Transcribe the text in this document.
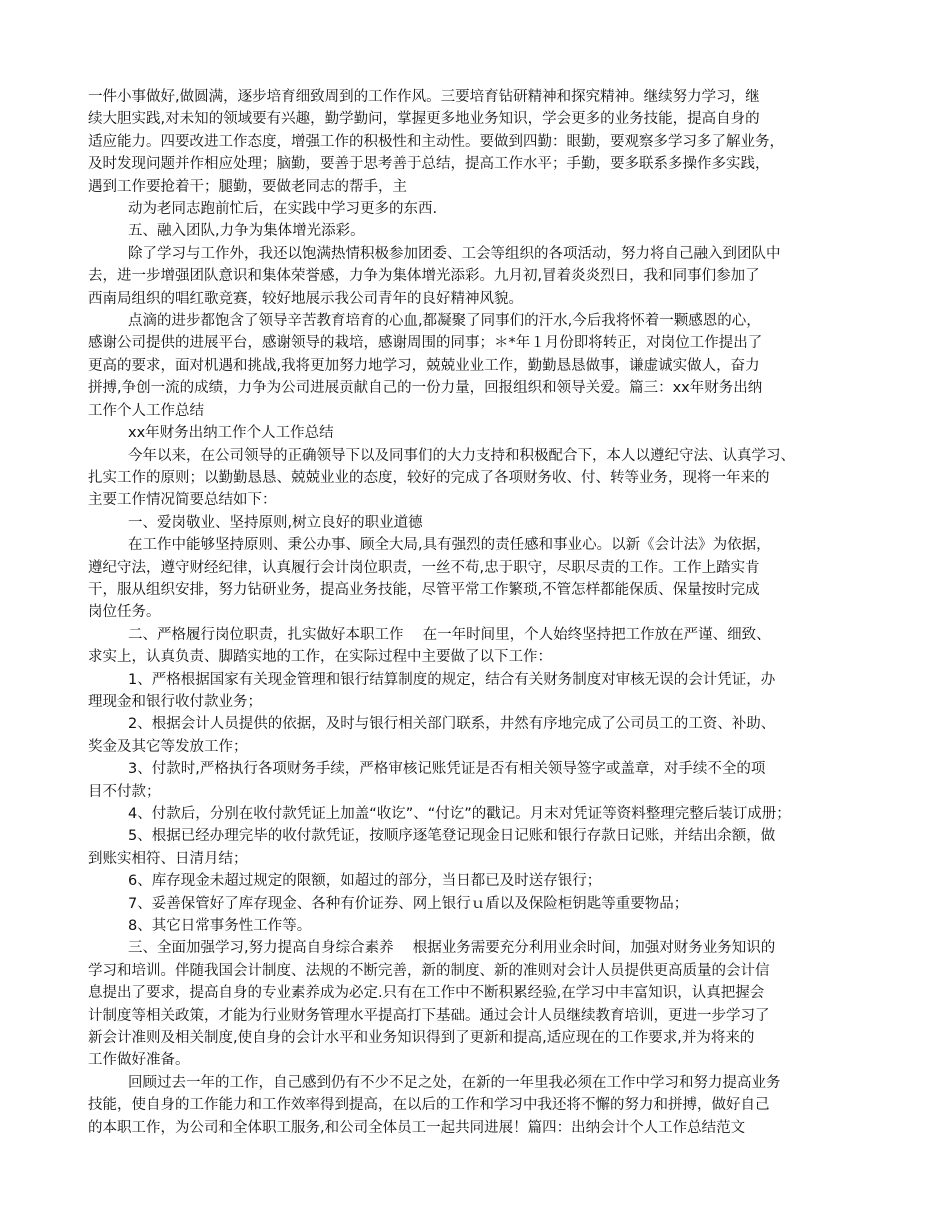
一件小事做好,做圆满，逐步培育细致周到的工作作风。三要培育钻研精神和探究精神。继续努力学习，继
续大胆实践,对未知的领域要有兴趣，勤学勤问，掌握更多地业务知识，学会更多的业务技能，提高自身的
适应能力。四要改进工作态度，增强工作的积极性和主动性。要做到四勤：眼勤，要观察多学习多了解业务，
及时发现问题并作相应处理；脑勤，要善于思考善于总结，提高工作水平；手勤，要多联系多操作多实践，
遇到工作要抢着干；腿勤，要做老同志的帮手，主
动为老同志跑前忙后，在实践中学习更多的东西.
五、融入团队,力争为集体增光添彩。
除了学习与工作外，我还以饱满热情积极参加团委、工会等组织的各项活动，努力将自己融入到团队中
去，进一步增强团队意识和集体荣誉感，力争为集体增光添彩。九月初,冒着炎炎烈日，我和同事们参加了
西南局组织的唱红歌竞赛，较好地展示我公司青年的良好精神风貌。
点滴的进步都饱含了领导辛苦教育培育的心血,都凝聚了同事们的汗水,今后我将怀着一颗感恩的心，
感谢公司提供的进展平台，感谢领导的栽培，感谢周围的同事；＊*年１月份即将转正，对岗位工作提出了
更高的要求，面对机遇和挑战,我将更加努力地学习，兢兢业业工作，勤勤恳恳做事，谦虚诚实做人，奋力
拼搏,争创一流的成绩，力争为公司进展贡献自己的一份力量，回报组织和领导关爱。篇三：xx年财务出纳
工作个人工作总结
xx年财务出纳工作个人工作总结
今年以来，在公司领导的正确领导下以及同事们的大力支持和积极配合下，本人以遵纪守法、认真学习、
扎实工作的原则；以勤勤恳恳、兢兢业业的态度，较好的完成了各项财务收、付、转等业务，现将一年来的
主要工作情况简要总结如下：
一、爱岗敬业、坚持原则,树立良好的职业道德
在工作中能够坚持原则、秉公办事、顾全大局,具有强烈的责任感和事业心。以新《会计法》为依据，
遵纪守法，遵守财经纪律，认真履行会计岗位职责，一丝不苟,忠于职守，尽职尽责的工作。工作上踏实肯
干，服从组织安排，努力钻研业务，提高业务技能，尽管平常工作繁琐,不管怎样都能保质、保量按时完成
岗位任务。
二、严格履行岗位职责，扎实做好本职工作　 在一年时间里，个人始终坚持把工作放在严谨、细致、
求实上，认真负责、脚踏实地的工作，在实际过程中主要做了以下工作：
1、严格根据国家有关现金管理和银行结算制度的规定，结合有关财务制度对审核无误的会计凭证，办
理现金和银行收付款业务；
2、根据会计人员提供的依据，及时与银行相关部门联系，井然有序地完成了公司员工的工资、补助、
奖金及其它等发放工作；
3、付款时,严格执行各项财务手续，严格审核记账凭证是否有相关领导签字或盖章，对手续不全的项
目不付款；
4、付款后，分别在收付款凭证上加盖“收讫”、“付讫”的戳记。月末对凭证等资料整理完整后装订成册；
5、根据已经办理完毕的收付款凭证，按顺序逐笔登记现金日记账和银行存款日记账，并结出余额，做
到账实相符、日清月结；
6、库存现金未超过规定的限额，如超过的部分，当日都已及时送存银行；
7、妥善保管好了库存现金、各种有价证券、网上银行ｕ盾以及保险柜钥匙等重要物品；
8、其它日常事务性工作等。
三、全面加强学习,努力提高自身综合素养　 根据业务需要充分利用业余时间，加强对财务业务知识的
学习和培训。伴随我国会计制度、法规的不断完善，新的制度、新的准则对会计人员提供更高质量的会计信
息提出了要求，提高自身的专业素养成为必定.只有在工作中不断积累经验,在学习中丰富知识，认真把握会
计制度等相关政策，才能为行业财务管理水平提高打下基础。通过会计人员继续教育培训，更进一步学习了
新会计准则及相关制度,使自身的会计水平和业务知识得到了更新和提高,适应现在的工作要求,并为将来的
工作做好准备。
回顾过去一年的工作，自己感到仍有不少不足之处，在新的一年里我必须在工作中学习和努力提高业务
技能，使自身的工作能力和工作效率得到提高，在以后的工作和学习中我还将不懈的努力和拼搏，做好自己
的本职工作，为公司和全体职工服务,和公司全体员工一起共同进展！篇四：出纳会计个人工作总结范文
